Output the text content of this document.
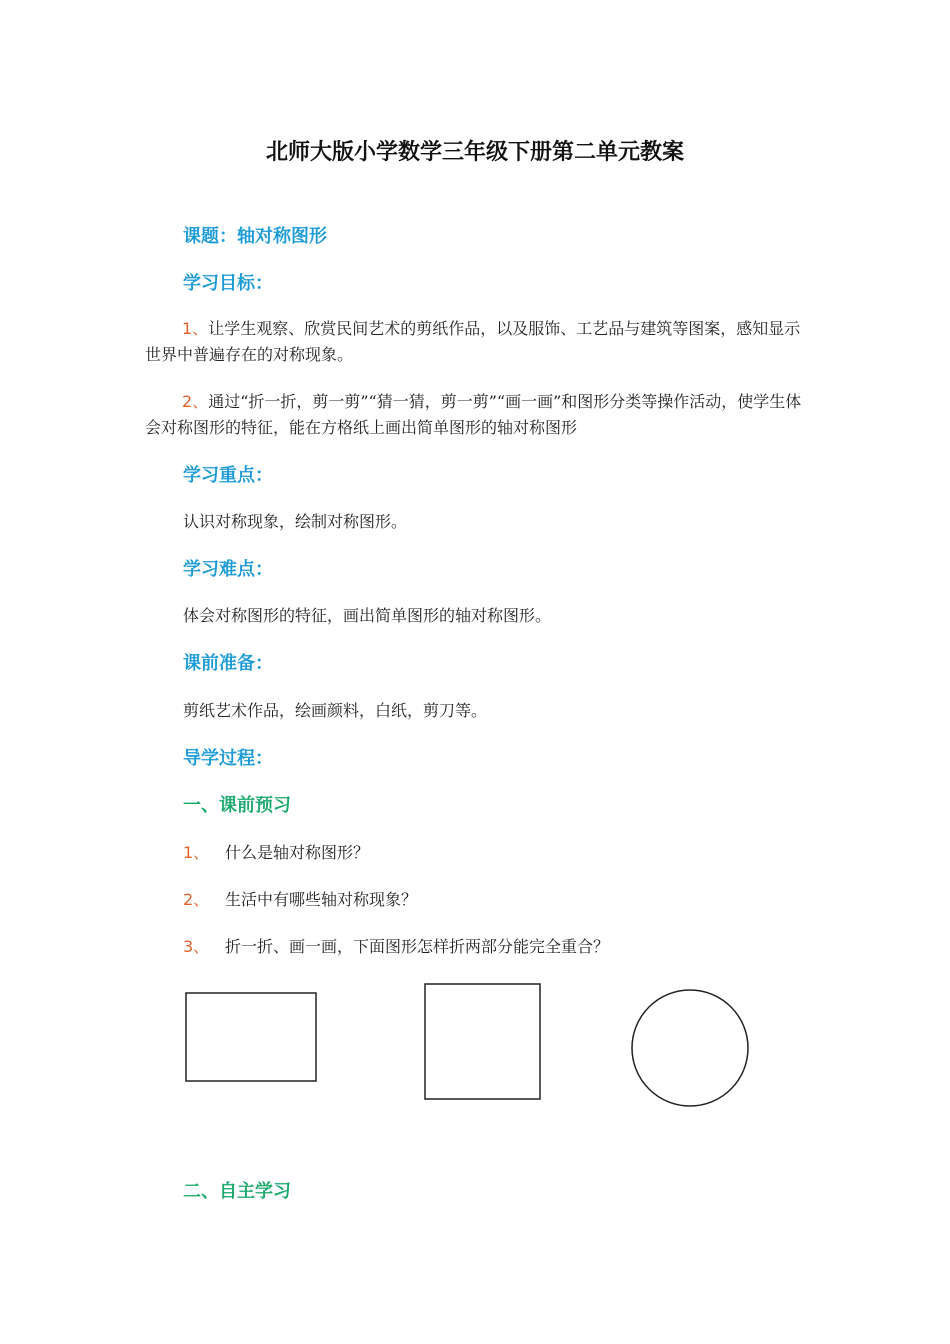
北师大版小学数学三年级下册第二单元教案
课题：轴对称图形
学习目标：
1、让学生观察、欣赏民间艺术的剪纸作品，以及服饰、工艺品与建筑等图案，感知显示世界中普遍存在的对称现象。
2、通过“折一折，剪一剪”“猜一猜，剪一剪”“画一画”和图形分类等操作活动，使学生体会对称图形的特征，能在方格纸上画出简单图形的轴对称图形
学习重点：
认识对称现象，绘制对称图形。
学习难点：
体会对称图形的特征，画出简单图形的轴对称图形。
课前准备：
剪纸艺术作品，绘画颜料，白纸，剪刀等。
导学过程：
一、课前预习
1、 什么是轴对称图形？
2、 生活中有哪些轴对称现象？
3、 折一折、画一画，下面图形怎样折两部分能完全重合？
二、自主学习
